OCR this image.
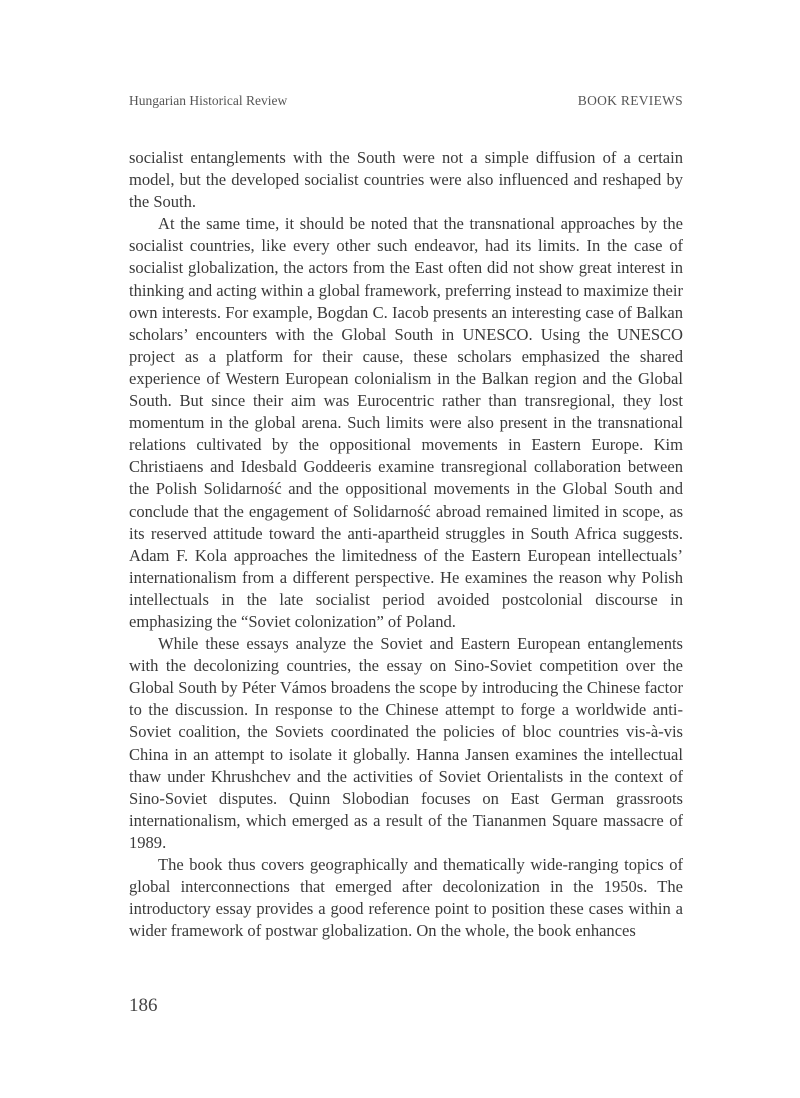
Hungarian Historical Review	BOOK REVIEWS

socialist entanglements with the South were not a simple diffusion of a certain model, but the developed socialist countries were also influenced and reshaped by the South.

At the same time, it should be noted that the transnational approaches by the socialist countries, like every other such endeavor, had its limits. In the case of socialist globalization, the actors from the East often did not show great interest in thinking and acting within a global framework, preferring instead to maximize their own interests. For example, Bogdan C. Iacob presents an interesting case of Balkan scholars’ encounters with the Global South in UNESCO. Using the UNESCO project as a platform for their cause, these scholars emphasized the shared experience of Western European colonialism in the Balkan region and the Global South. But since their aim was Eurocentric rather than transregional, they lost momentum in the global arena. Such limits were also present in the transnational relations cultivated by the oppositional movements in Eastern Europe. Kim Christiaens and Idesbald Goddeeris examine transregional collaboration between the Polish Solidarność and the oppositional movements in the Global South and conclude that the engagement of Solidarność abroad remained limited in scope, as its reserved attitude toward the anti-apartheid struggles in South Africa suggests. Adam F. Kola approaches the limitedness of the Eastern European intellectuals’ internationalism from a different perspective. He examines the reason why Polish intellectuals in the late socialist period avoided postcolonial discourse in emphasizing the “Soviet colonization” of Poland.

While these essays analyze the Soviet and Eastern European entanglements with the decolonizing countries, the essay on Sino-Soviet competition over the Global South by Péter Vámos broadens the scope by introducing the Chinese factor to the discussion. In response to the Chinese attempt to forge a worldwide anti-Soviet coalition, the Soviets coordinated the policies of bloc countries vis-à-vis China in an attempt to isolate it globally. Hanna Jansen examines the intellectual thaw under Khrushchev and the activities of Soviet Orientalists in the context of Sino-Soviet disputes. Quinn Slobodian focuses on East German grassroots internationalism, which emerged as a result of the Tiananmen Square massacre of 1989.

The book thus covers geographically and thematically wide-ranging topics of global interconnections that emerged after decolonization in the 1950s. The introductory essay provides a good reference point to position these cases within a wider framework of postwar globalization. On the whole, the book enhances

186
